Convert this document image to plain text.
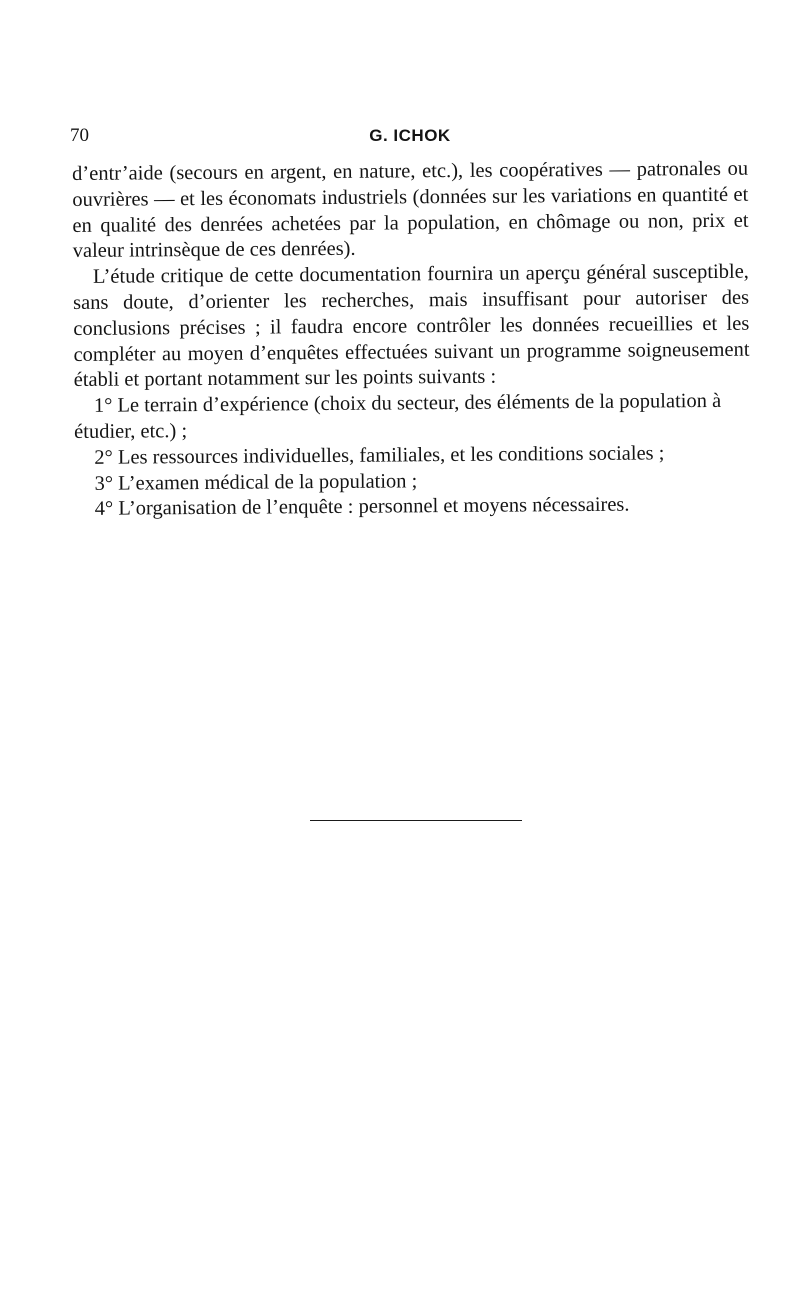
70	G. ICHOK

d’entr’aide (secours en argent, en nature, etc.), les coopératives — patronales ou ouvrières — et les économats industriels (données sur les variations en quantité et en qualité des denrées achetées par la population, en chômage ou non, prix et valeur intrinsèque de ces denrées).

L’étude critique de cette documentation fournira un aperçu général susceptible, sans doute, d’orienter les recherches, mais insuffisant pour autoriser des conclusions précises ; il faudra encore contrôler les données recueillies et les compléter au moyen d’enquêtes effectuées suivant un programme soigneusement établi et portant notamment sur les points suivants :

1° Le terrain d’expérience (choix du secteur, des éléments de la population à étudier, etc.) ;

2° Les ressources individuelles, familiales, et les conditions sociales ;

3° L’examen médical de la population ;

4° L’organisation de l’enquête : personnel et moyens nécessaires.
